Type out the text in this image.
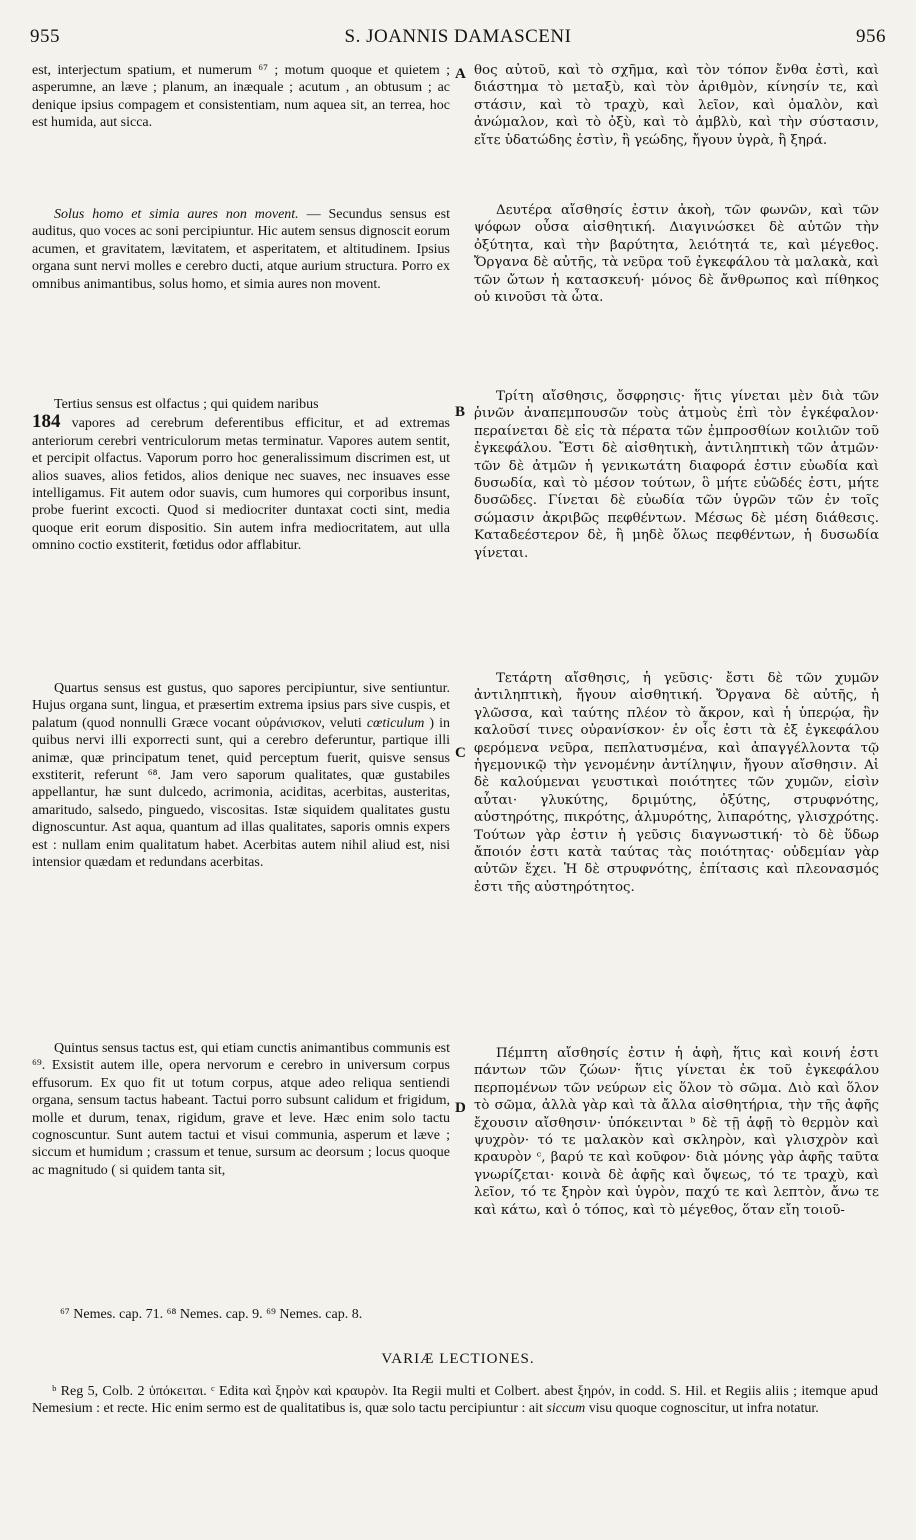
955	S. JOANNIS DAMASCENI	956

est, interjectum spatium, et numerum ⁶⁷ ; motum quoque et quietem ; asperumne, an læve ; planum, an inæquale ; acutum , an obtusum ; ac denique ipsius compagem et consistentiam, num aquea sit, an terrea, hoc est humida, aut sicca.

Solus homo et simia aures non movent. — Secundus sensus est auditus, quo voces ac soni percipiuntur. Hic autem sensus dignoscit eorum acumen, et gravitatem, lævitatem, et asperitatem, et altitudinem. Ipsius organa sunt nervi molles e cerebro ducti, atque aurium structura. Porro ex omnibus animantibus, solus homo, et simia aures non movent.

Tertius sensus est olfactus ; qui quidem naribus
184 vapores ad cerebrum deferentibus efficitur, et ad extremas anteriorum cerebri ventriculorum metas terminatur. Vapores autem sentit, et percipit olfactus. Vaporum porro hoc generalissimum discrimen est, ut alios suaves, alios fetidos, alios denique nec suaves, nec insuaves esse intelligamus. Fit autem odor suavis, cum humores qui corporibus insunt, probe fuerint excocti. Quod si mediocriter duntaxat cocti sint, media quoque erit eorum dispositio. Sin autem infra mediocritatem, aut ulla omnino coctio exstiterit, fœtidus odor afflabitur.

Quartus sensus est gustus, quo sapores percipiuntur, sive sentiuntur. Hujus organa sunt, lingua, et præsertim extrema ipsius pars sive cuspis, et palatum (quod nonnulli Græce vocant οὐράνισκον, veluti cœticulum ) in quibus nervi illi exporrecti sunt, qui a cerebro deferuntur, partique illi animæ, quæ principatum tenet, quid perceptum fuerit, quisve sensus exstiterit, referunt ⁶⁸. Jam vero saporum qualitates, quæ gustabiles appellantur, hæ sunt dulcedo, acrimonia, aciditas, acerbitas, austeritas, amaritudo, salsedo, pinguedo, viscositas. Istæ siquidem qualitates gustu dignoscuntur. Ast aqua, quantum ad illas qualitates, saporis omnis expers est : nullam enim qualitatum habet. Acerbitas autem nihil aliud est, nisi intensior quædam et redundans acerbitas.

Quintus sensus tactus est, qui etiam cunctis animantibus communis est ⁶⁹. Exsistit autem ille, opera nervorum e cerebro in universum corpus effusorum. Ex quo fit ut totum corpus, atque adeo reliqua sentiendi organa, sensum tactus habeant. Tactui porro subsunt calidum et frigidum, molle et durum, tenax, rigidum, grave et leve. Hæc enim solo tactu cognoscuntur. Sunt autem tactui et visui communia, asperum et læve ; siccum et humidum ; crassum et tenue, sursum ac deorsum ; locus quoque ac magnitudo ( si quidem tanta sit,

A
B
C
D

θος αὐτοῦ, καὶ τὸ σχῆμα, καὶ τὸν τόπον ἔνθα ἐστὶ, καὶ διάστημα τὸ μεταξὺ, καὶ τὸν ἀριθμὸν, κίνησίν τε, καὶ στάσιν, καὶ τὸ τραχὺ, καὶ λεῖον, καὶ ὁμαλὸν, καὶ ἀνώμαλον, καὶ τὸ ὀξὺ, καὶ τὸ ἀμβλὺ, καὶ τὴν σύστασιν, εἴτε ὑδατώδης ἐστὶν, ἢ γεώδης, ἤγουν ὑγρὰ, ἢ ξηρά.

Δευτέρα αἴσθησίς ἐστιν ἀκοὴ, τῶν φωνῶν, καὶ τῶν ψόφων οὖσα αἰσθητική. Διαγινώσκει δὲ αὐτῶν τὴν ὀξύτητα, καὶ τὴν βαρύτητα, λειότητά τε, καὶ μέγεθος. Ὄργανα δὲ αὐτῆς, τὰ νεῦρα τοῦ ἐγκεφάλου τὰ μαλακὰ, καὶ τῶν ὤτων ἡ κατασκευή· μόνος δὲ ἄνθρωπος καὶ πίθηκος οὐ κινοῦσι τὰ ὦτα.

Τρίτη αἴσθησις, ὄσφρησις· ἥτις γίνεται μὲν διὰ τῶν ῥινῶν ἀναπεμπουσῶν τοὺς ἀτμοὺς ἐπὶ τὸν ἐγκέφαλον· περαίνεται δὲ εἰς τὰ πέρατα τῶν ἐμπροσθίων κοιλιῶν τοῦ ἐγκεφάλου. Ἔστι δὲ αἰσθητικὴ, ἀντιληπτικὴ τῶν ἀτμῶν· τῶν δὲ ἀτμῶν ἡ γενικωτάτη διαφορά ἐστιν εὐωδία καὶ δυσωδία, καὶ τὸ μέσον τούτων, ὃ μήτε εὐῶδές ἐστι, μήτε δυσῶδες. Γίνεται δὲ εὐωδία τῶν ὑγρῶν τῶν ἐν τοῖς σώμασιν ἀκριβῶς πεφθέντων. Μέσως δὲ μέση διάθεσις. Καταδεέστερον δὲ, ἢ μηδὲ ὅλως πεφθέντων, ἡ δυσωδία γίνεται.

Τετάρτη αἴσθησις, ἡ γεῦσις· ἔστι δὲ τῶν χυμῶν ἀντιληπτικὴ, ἤγουν αἰσθητική. Ὄργανα δὲ αὐτῆς, ἡ γλῶσσα, καὶ ταύτης πλέον τὸ ἄκρον, καὶ ἡ ὑπερῴα, ἣν καλοῦσί τινες οὐρανίσκον· ἐν οἷς ἐστι τὰ ἐξ ἐγκεφάλου φερόμενα νεῦρα, πεπλατυσμένα, καὶ ἀπαγγέλλοντα τῷ ἡγεμονικῷ τὴν γενομένην ἀντίληψιν, ἤγουν αἴσθησιν. Αἱ δὲ καλούμεναι γευστικαὶ ποιότητες τῶν χυμῶν, εἰσὶν αὗται· γλυκύτης, δριμύτης, ὀξύτης, στρυφνότης, αὐστηρότης, πικρότης, ἁλμυρότης, λιπαρότης, γλισχρότης. Τούτων γὰρ ἐστιν ἡ γεῦσις διαγνωστική· τὸ δὲ ὕδωρ ἄποιόν ἐστι κατὰ ταύτας τὰς ποιότητας· οὐδεμίαν γὰρ αὐτῶν ἔχει. Ἡ δὲ στρυφνότης, ἐπίτασις καὶ πλεονασμός ἐστι τῆς αὐστηρότητος.

Πέμπτη αἴσθησίς ἐστιν ἡ ἁφὴ, ἥτις καὶ κοινή ἐστι πάντων τῶν ζώων· ἥτις γίνεται ἐκ τοῦ ἐγκεφάλου περπομένων τῶν νεύρων εἰς ὅλον τὸ σῶμα. Διὸ καὶ ὅλον τὸ σῶμα, ἀλλὰ γὰρ καὶ τὰ ἄλλα αἰσθητήρια, τὴν τῆς ἁφῆς ἔχουσιν αἴσθησιν· ὑπόκεινται ᵇ δὲ τῇ ἁφῇ τὸ θερμὸν καὶ ψυχρὸν· τό τε μαλακὸν καὶ σκληρὸν, καὶ γλισχρὸν καὶ κραυρὸν ᶜ, βαρύ τε καὶ κοῦφον· διὰ μόνης γὰρ ἁφῆς ταῦτα γνωρίζεται· κοινὰ δὲ ἁφῆς καὶ ὄψεως, τό τε τραχὺ, καὶ λεῖον, τό τε ξηρὸν καὶ ὑγρὸν, παχύ τε καὶ λεπτὸν, ἄνω τε καὶ κάτω, καὶ ὁ τόπος, καὶ τὸ μέγεθος, ὅταν εἴη τοιοῦ-

⁶⁷ Nemes. cap. 71. ⁶⁸ Nemes. cap. 9. ⁶⁹ Nemes. cap. 8.
VARIÆ LECTIONES.

ᵇ Reg 5, Colb. 2 ὑπόκειται. ᶜ Edita καὶ ξηρὸν καὶ κραυρὸν. Ita Regii multi et Colbert. abest ξηρόν, in codd. S. Hil. et Regiis aliis ; itemque apud Nemesium : et recte. Hic enim sermo est de qualitatibus is, quæ solo tactu percipiuntur : ait siccum visu quoque cognoscitur, ut infra notatur.
